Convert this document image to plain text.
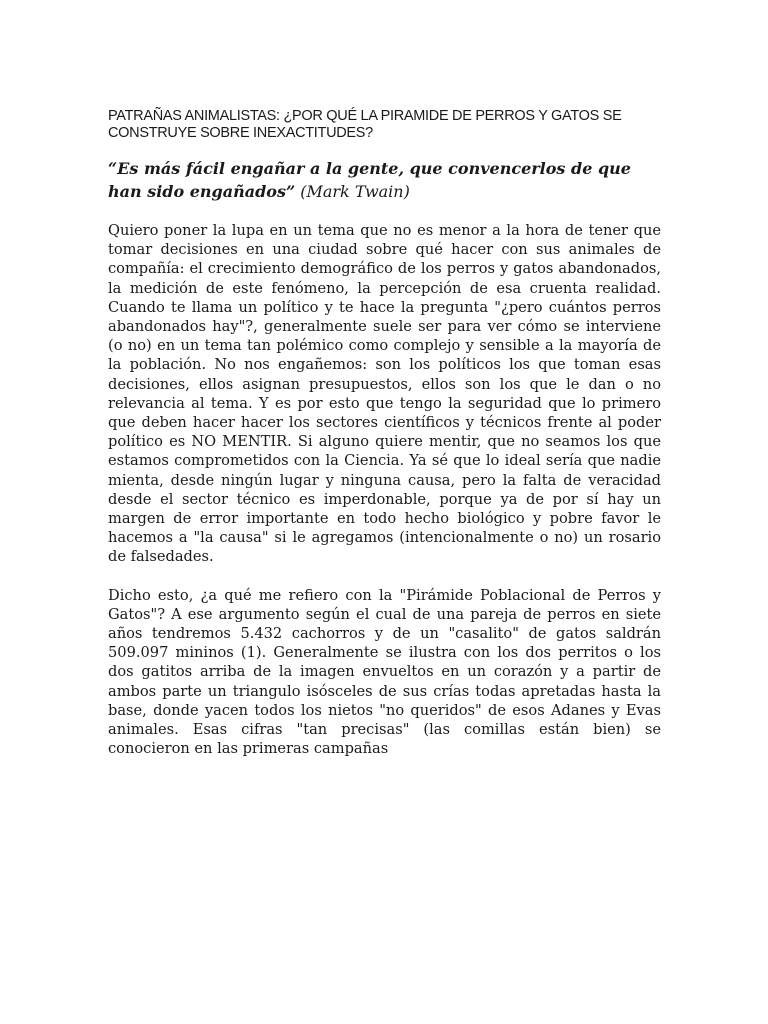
PATRAÑAS ANIMALISTAS: ¿POR QUÉ LA PIRAMIDE DE PERROS Y GATOS SE CONSTRUYE SOBRE INEXACTITUDES?

“Es más fácil engañar a la gente, que convencerlos de que han sido engañados” (Mark Twain)

Quiero poner la lupa en un tema que no es menor a la hora de tener que tomar decisiones en una ciudad sobre qué hacer con sus animales de compañía: el crecimiento demográfico de los perros y gatos abandonados, la medición de este fenómeno, la percepción de esa cruenta realidad. Cuando te llama un político y te hace la pregunta "¿pero cuántos perros abandonados hay"?, generalmente suele ser para ver cómo se interviene (o no) en un tema tan polémico como complejo y sensible a la mayoría de la población. No nos engañemos: son los políticos los que toman esas decisiones, ellos asignan presupuestos, ellos son los que le dan o no relevancia al tema. Y es por esto que tengo la seguridad que lo primero que deben hacer hacer los sectores científicos y técnicos frente al poder político es NO MENTIR. Si alguno quiere mentir, que no seamos los que estamos comprometidos con la Ciencia. Ya sé que lo ideal sería que nadie mienta, desde ningún lugar y ninguna causa, pero la falta de veracidad desde el sector técnico es imperdonable, porque ya de por sí hay un margen de error importante en todo hecho biológico y pobre favor le hacemos a "la causa" si le agregamos (intencionalmente o no) un rosario de falsedades.

Dicho esto, ¿a qué me refiero con la "Pirámide Poblacional de Perros y Gatos"? A ese argumento según el cual de una pareja de perros en siete años tendremos 5.432 cachorros y de un "casalito" de gatos saldrán 509.097 mininos (1). Generalmente se ilustra con los dos perritos o los dos gatitos arriba de la imagen envueltos en un corazón y a partir de ambos parte un triangulo isósceles de sus crías todas apretadas hasta la base, donde yacen todos los nietos "no queridos" de esos Adanes y Evas animales. Esas cifras "tan precisas" (las comillas están bien) se conocieron en las primeras campañas
